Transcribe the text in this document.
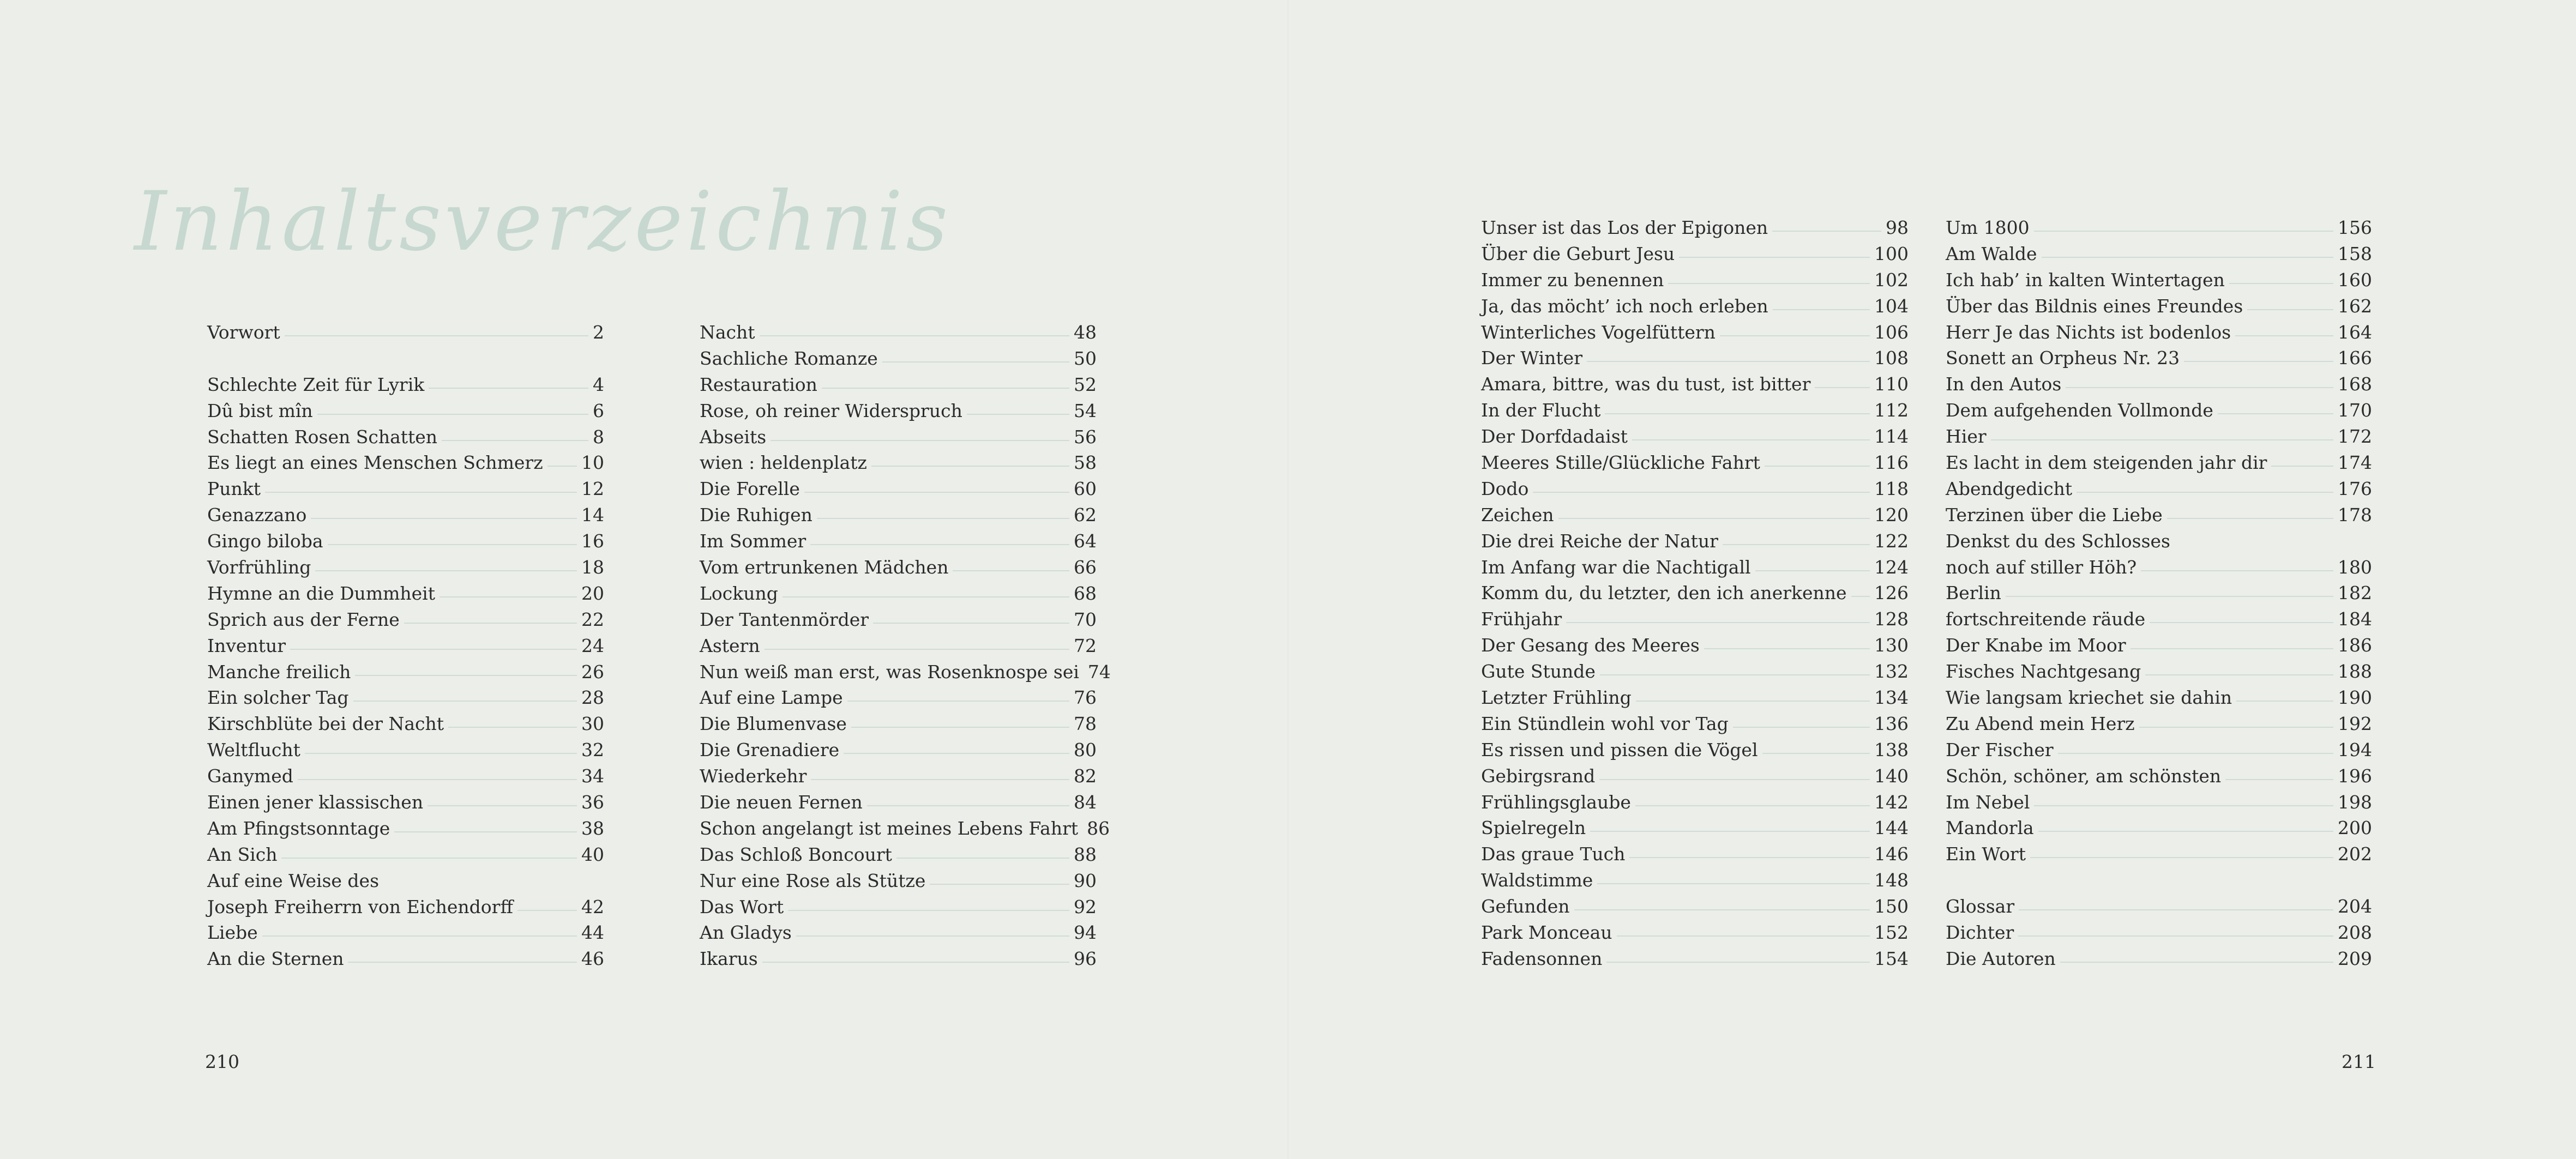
Inhaltsverzeichnis
Vorwort	2
Schlechte Zeit für Lyrik	4
Dû bist mîn	6
Schatten Rosen Schatten	8
Es liegt an eines Menschen Schmerz 10
Punkt	12
Genazzano	14
Gingo biloba	16
Vorfrühling	18
Hymne an die Dummheit	20
Sprich aus der Ferne	22
Inventur	24
Manche freilich	26
Ein solcher Tag	28
Kirschblüte bei der Nacht	30
Weltflucht	32
Ganymed	34
Einen jener klassischen	36
Am Pfingstsonntage	38
An Sich	40
Auf eine Weise des
Joseph Freiherrn von Eichendorff	42
Liebe	44
An die Sternen	46
Nacht	48
Sachliche Romanze	50
Restauration	52
Rose, oh reiner Widerspruch	54
Abseits	56
wien : heldenplatz	58
Die Forelle	60
Die Ruhigen	62
Im Sommer	64
Vom ertrunkenen Mädchen	66
Lockung	68
Der Tantenmörder	70
Astern	72
Nun weiß man erst, was Rosenknospe sei 74
Auf eine Lampe	76
Die Blumenvase	78
Die Grenadiere	80
Wiederkehr	82
Die neuen Fernen	84
Schon angelangt ist meines Lebens Fahrt 86
Das Schloß Boncourt	88
Nur eine Rose als Stütze	90
Das Wort	92
An Gladys	94
Ikarus	96
210
Unser ist das Los der Epigonen	98
Über die Geburt Jesu	100
Immer zu benennen	102
Ja, das möcht’ ich noch erleben	104
Winterliches Vogelfüttern	106
Der Winter	108
Amara, bittre, was du tust, ist bitter	110
In der Flucht	112
Der Dorfdadaist	114
Meeres Stille/Glückliche Fahrt	116
Dodo	118
Zeichen	120
Die drei Reiche der Natur	122
Im Anfang war die Nachtigall	124
Komm du, du letzter, den ich anerkenne 126
Frühjahr	128
Der Gesang des Meeres	130
Gute Stunde	132
Letzter Frühling	134
Ein Stündlein wohl vor Tag	136
Es rissen und pissen die Vögel	138
Gebirgsrand	140
Frühlingsglaube	142
Spielregeln	144
Das graue Tuch	146
Waldstimme	148
Gefunden	150
Park Monceau	152
Fadensonnen	154
Um 1800	156
Am Walde	158
Ich hab’ in kalten Wintertagen	160
Über das Bildnis eines Freundes	162
Herr Je das Nichts ist bodenlos	164
Sonett an Orpheus Nr. 23	166
In den Autos	168
Dem aufgehenden Vollmonde	170
Hier	172
Es lacht in dem steigenden jahr dir	174
Abendgedicht	176
Terzinen über die Liebe	178
Denkst du des Schlosses
noch auf stiller Höh?	180
Berlin	182
fortschreitende räude	184
Der Knabe im Moor	186
Fisches Nachtgesang	188
Wie langsam kriechet sie dahin	190
Zu Abend mein Herz	192
Der Fischer	194
Schön, schöner, am schönsten	196
Im Nebel	198
Mandorla	200
Ein Wort	202
Glossar	204
Dichter	208
Die Autoren	209
211
